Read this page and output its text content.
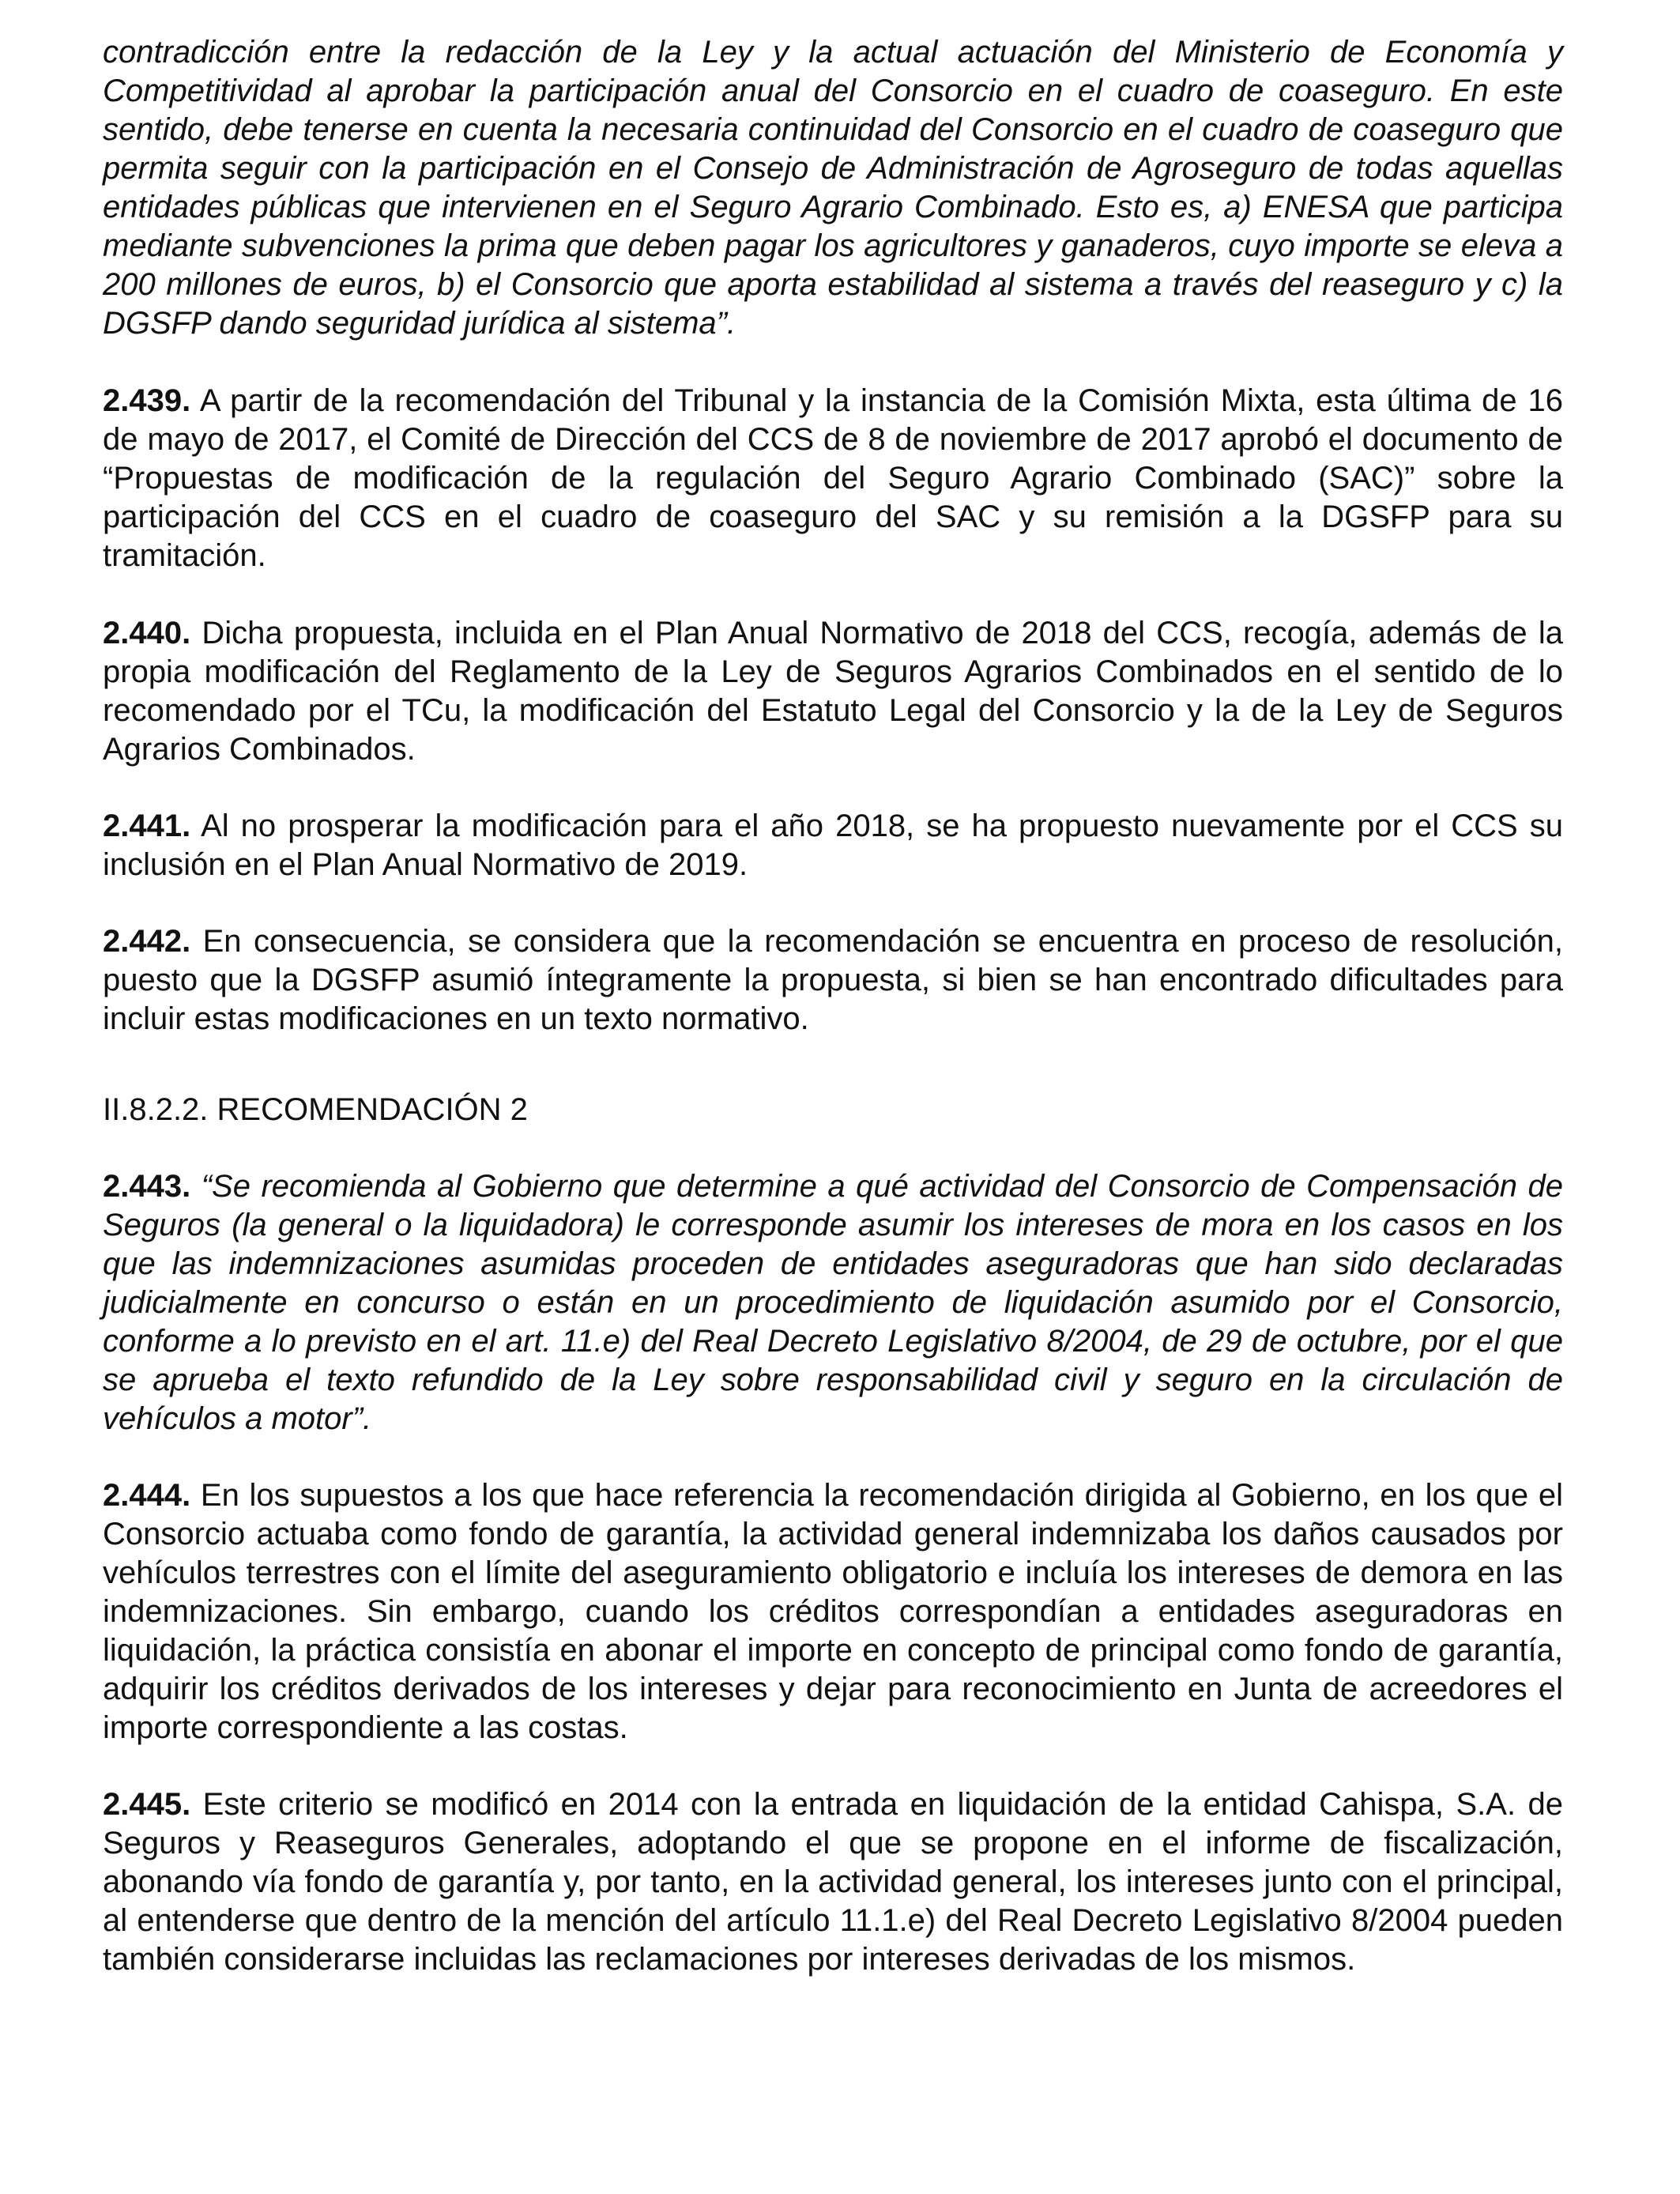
contradicción entre la redacción de la Ley y la actual actuación del Ministerio de Economía y Competitividad al aprobar la participación anual del Consorcio en el cuadro de coaseguro. En este sentido, debe tenerse en cuenta la necesaria continuidad del Consorcio en el cuadro de coaseguro que permita seguir con la participación en el Consejo de Administración de Agroseguro de todas aquellas entidades públicas que intervienen en el Seguro Agrario Combinado. Esto es, a) ENESA que participa mediante subvenciones la prima que deben pagar los agricultores y ganaderos, cuyo importe se eleva a 200 millones de euros, b) el Consorcio que aporta estabilidad al sistema a través del reaseguro y c) la DGSFP dando seguridad jurídica al sistema”.

2.439. A partir de la recomendación del Tribunal y la instancia de la Comisión Mixta, esta última de 16 de mayo de 2017, el Comité de Dirección del CCS de 8 de noviembre de 2017 aprobó el documento de “Propuestas de modificación de la regulación del Seguro Agrario Combinado (SAC)” sobre la participación del CCS en el cuadro de coaseguro del SAC y su remisión a la DGSFP para su tramitación.

2.440. Dicha propuesta, incluida en el Plan Anual Normativo de 2018 del CCS, recogía, además de la propia modificación del Reglamento de la Ley de Seguros Agrarios Combinados en el sentido de lo recomendado por el TCu, la modificación del Estatuto Legal del Consorcio y la de la Ley de Seguros Agrarios Combinados.

2.441. Al no prosperar la modificación para el año 2018, se ha propuesto nuevamente por el CCS su inclusión en el Plan Anual Normativo de 2019.

2.442. En consecuencia, se considera que la recomendación se encuentra en proceso de resolución, puesto que la DGSFP asumió íntegramente la propuesta, si bien se han encontrado dificultades para incluir estas modificaciones en un texto normativo.

II.8.2.2. RECOMENDACIÓN 2

2.443. “Se recomienda al Gobierno que determine a qué actividad del Consorcio de Compensación de Seguros (la general o la liquidadora) le corresponde asumir los intereses de mora en los casos en los que las indemnizaciones asumidas proceden de entidades aseguradoras que han sido declaradas judicialmente en concurso o están en un procedimiento de liquidación asumido por el Consorcio, conforme a lo previsto en el art. 11.e) del Real Decreto Legislativo 8/2004, de 29 de octubre, por el que se aprueba el texto refundido de la Ley sobre responsabilidad civil y seguro en la circulación de vehículos a motor”.

2.444. En los supuestos a los que hace referencia la recomendación dirigida al Gobierno, en los que el Consorcio actuaba como fondo de garantía, la actividad general indemnizaba los daños causados por vehículos terrestres con el límite del aseguramiento obligatorio e incluía los intereses de demora en las indemnizaciones. Sin embargo, cuando los créditos correspondían a entidades aseguradoras en liquidación, la práctica consistía en abonar el importe en concepto de principal como fondo de garantía, adquirir los créditos derivados de los intereses y dejar para reconocimiento en Junta de acreedores el importe correspondiente a las costas.

2.445. Este criterio se modificó en 2014 con la entrada en liquidación de la entidad Cahispa, S.A. de Seguros y Reaseguros Generales, adoptando el que se propone en el informe de fiscalización, abonando vía fondo de garantía y, por tanto, en la actividad general, los intereses junto con el principal, al entenderse que dentro de la mención del artículo 11.1.e) del Real Decreto Legislativo 8/2004 pueden también considerarse incluidas las reclamaciones por intereses derivadas de los mismos.
